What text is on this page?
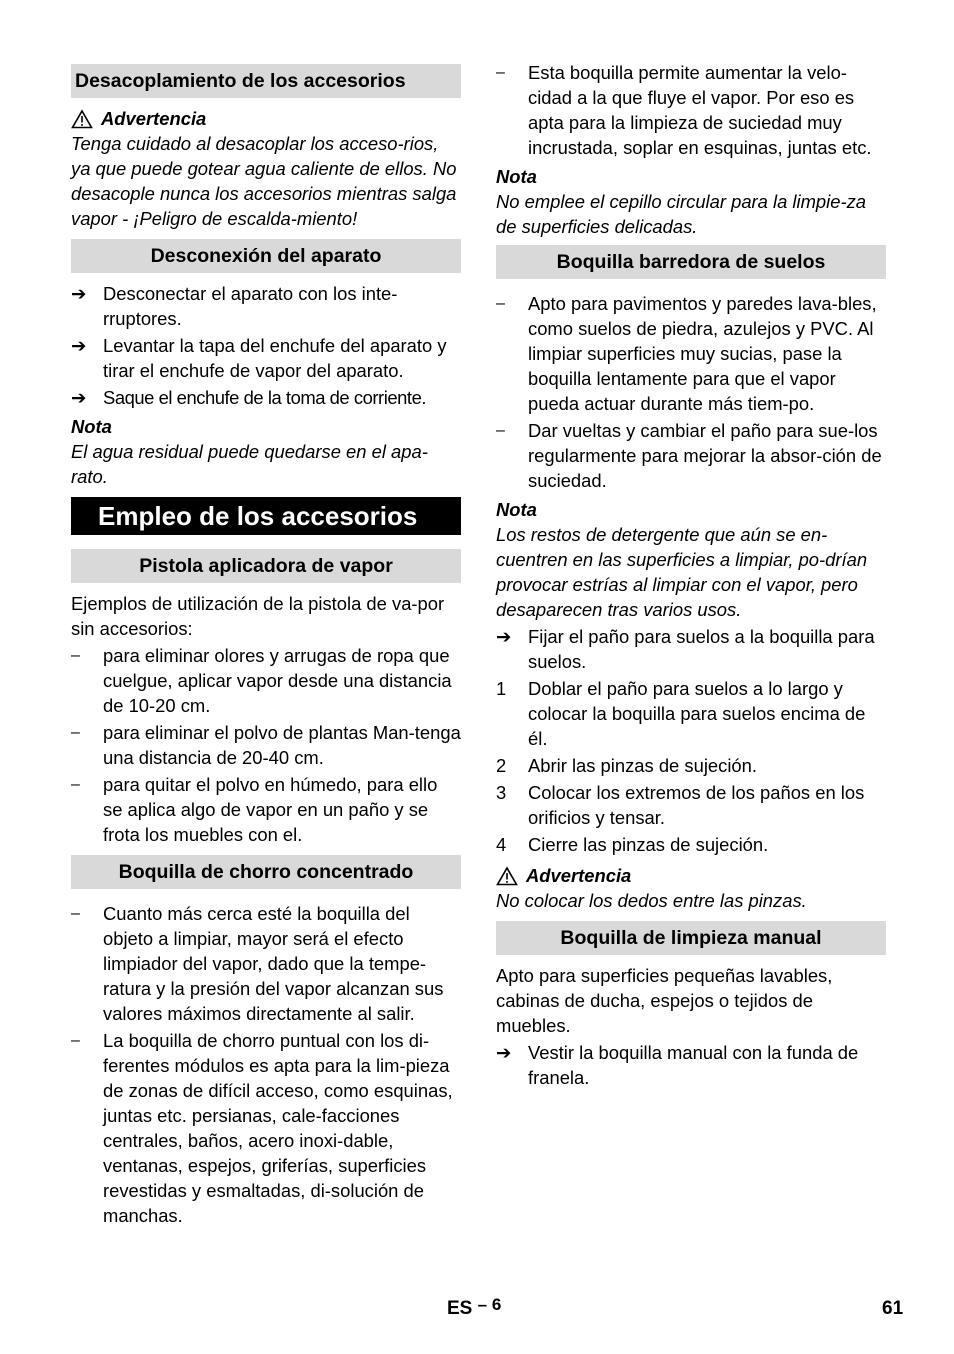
Desacoplamiento de los accesorios
Advertencia
Tenga cuidado al desacoplar los acceso-rios, ya que puede gotear agua caliente de ellos. No desacople nunca los accesorios mientras salga vapor - ¡Peligro de escalda-miento!
Desconexión del aparato
➔ Desconectar el aparato con los inte-rruptores.
➔ Levantar la tapa del enchufe del aparato y tirar el enchufe de vapor del aparato.
➔ Saque el enchufe de la toma de corriente.
Nota
El agua residual puede quedarse en el apa-rato.
Empleo de los accesorios
Pistola aplicadora de vapor
Ejemplos de utilización de la pistola de va-por sin accesorios:
–	para eliminar olores y arrugas de ropa que cuelgue, aplicar vapor desde una distancia de 10-20 cm.
–	para eliminar el polvo de plantas Man-tenga una distancia de 20-40 cm.
–	para quitar el polvo en húmedo, para ello se aplica algo de vapor en un paño y se frota los muebles con el.
Boquilla de chorro concentrado
–	Cuanto más cerca esté la boquilla del objeto a limpiar, mayor será el efecto limpiador del vapor, dado que la tempe-ratura y la presión del vapor alcanzan sus valores máximos directamente al salir.
–	La boquilla de chorro puntual con los di-ferentes módulos es apta para la lim-pieza de zonas de difícil acceso, como esquinas, juntas etc. persianas, cale-facciones centrales, baños, acero inoxi-dable, ventanas, espejos, griferías, superficies revestidas y esmaltadas, di-solución de manchas.
–	Esta boquilla permite aumentar la velo-cidad a la que fluye el vapor. Por eso es apta para la limpieza de suciedad muy incrustada, soplar en esquinas, juntas etc.
Nota
No emplee el cepillo circular para la limpie-za de superficies delicadas.
Boquilla barredora de suelos
–	Apto para pavimentos y paredes lava-bles, como suelos de piedra, azulejos y PVC. Al limpiar superficies muy sucias, pase la boquilla lentamente para que el vapor pueda actuar durante más tiem-po.
–	Dar vueltas y cambiar el paño para sue-los regularmente para mejorar la absor-ción de suciedad.
Nota
Los restos de detergente que aún se en-cuentren en las superficies a limpiar, po-drían provocar estrías al limpiar con el vapor, pero desaparecen tras varios usos.
➔ Fijar el paño para suelos a la boquilla para suelos.
1	Doblar el paño para suelos a lo largo y colocar la boquilla para suelos encima de él.
2	Abrir las pinzas de sujeción.
3	Colocar los extremos de los paños en los orificios y tensar.
4	Cierre las pinzas de sujeción.
Advertencia
No colocar los dedos entre las pinzas.
Boquilla de limpieza manual
Apto para superficies pequeñas lavables, cabinas de ducha, espejos o tejidos de muebles.
➔ Vestir la boquilla manual con la funda de franela.
ES – 6	61
